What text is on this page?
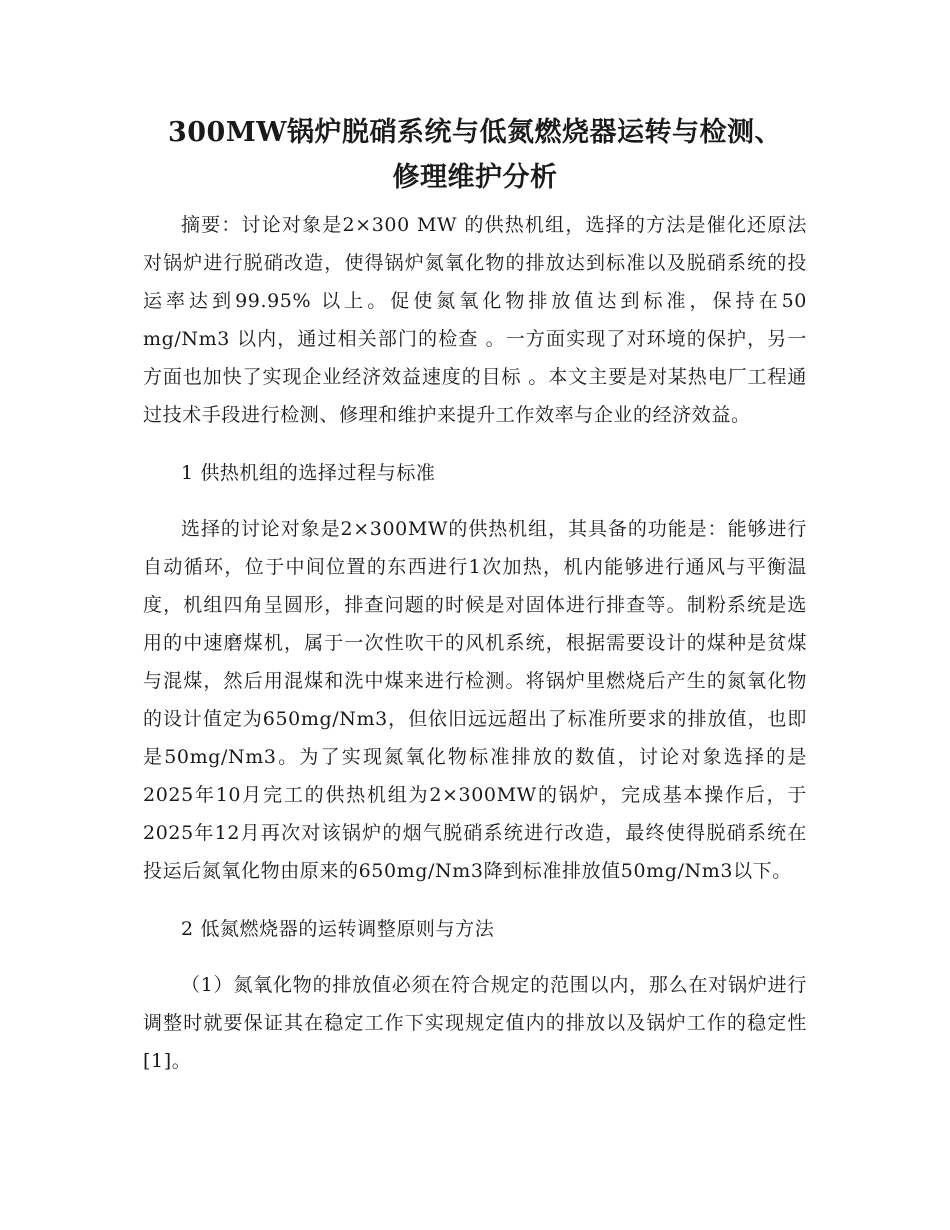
300MW锅炉脱硝系统与低氮燃烧器运转与检测、
修理维护分析

摘要：讨论对象是2×300 MW 的供热机组，选择的方法是催化还原法对锅炉进行脱硝改造，使得锅炉氮氧化物的排放达到标准以及脱硝系统的投运率达到99.95% 以上。促使氮氧化物排放值达到标准，保持在50 mg/Nm3 以内，通过相关部门的检查 。一方面实现了对环境的保护，另一方面也加快了实现企业经济效益速度的目标 。本文主要是对某热电厂工程通过技术手段进行检测、修理和维护来提升工作效率与企业的经济效益。

1 供热机组的选择过程与标准

选择的讨论对象是2×300MW的供热机组，其具备的功能是：能够进行自动循环，位于中间位置的东西进行1次加热，机内能够进行通风与平衡温度，机组四角呈圆形，排查问题的时候是对固体进行排查等。制粉系统是选用的中速磨煤机，属于一次性吹干的风机系统，根据需要设计的煤种是贫煤与混煤，然后用混煤和洗中煤来进行检测。将锅炉里燃烧后产生的氮氧化物的设计值定为650mg/Nm3，但依旧远远超出了标准所要求的排放值，也即是50mg/Nm3。为了实现氮氧化物标准排放的数值，讨论对象选择的是2025年10月完工的供热机组为2×300MW的锅炉，完成基本操作后，于2025年12月再次对该锅炉的烟气脱硝系统进行改造，最终使得脱硝系统在投运后氮氧化物由原来的650mg/Nm3降到标准排放值50mg/Nm3以下。

2 低氮燃烧器的运转调整原则与方法

（1）氮氧化物的排放值必须在符合规定的范围以内，那么在对锅炉进行调整时就要保证其在稳定工作下实现规定值内的排放以及锅炉工作的稳定性[1]。
